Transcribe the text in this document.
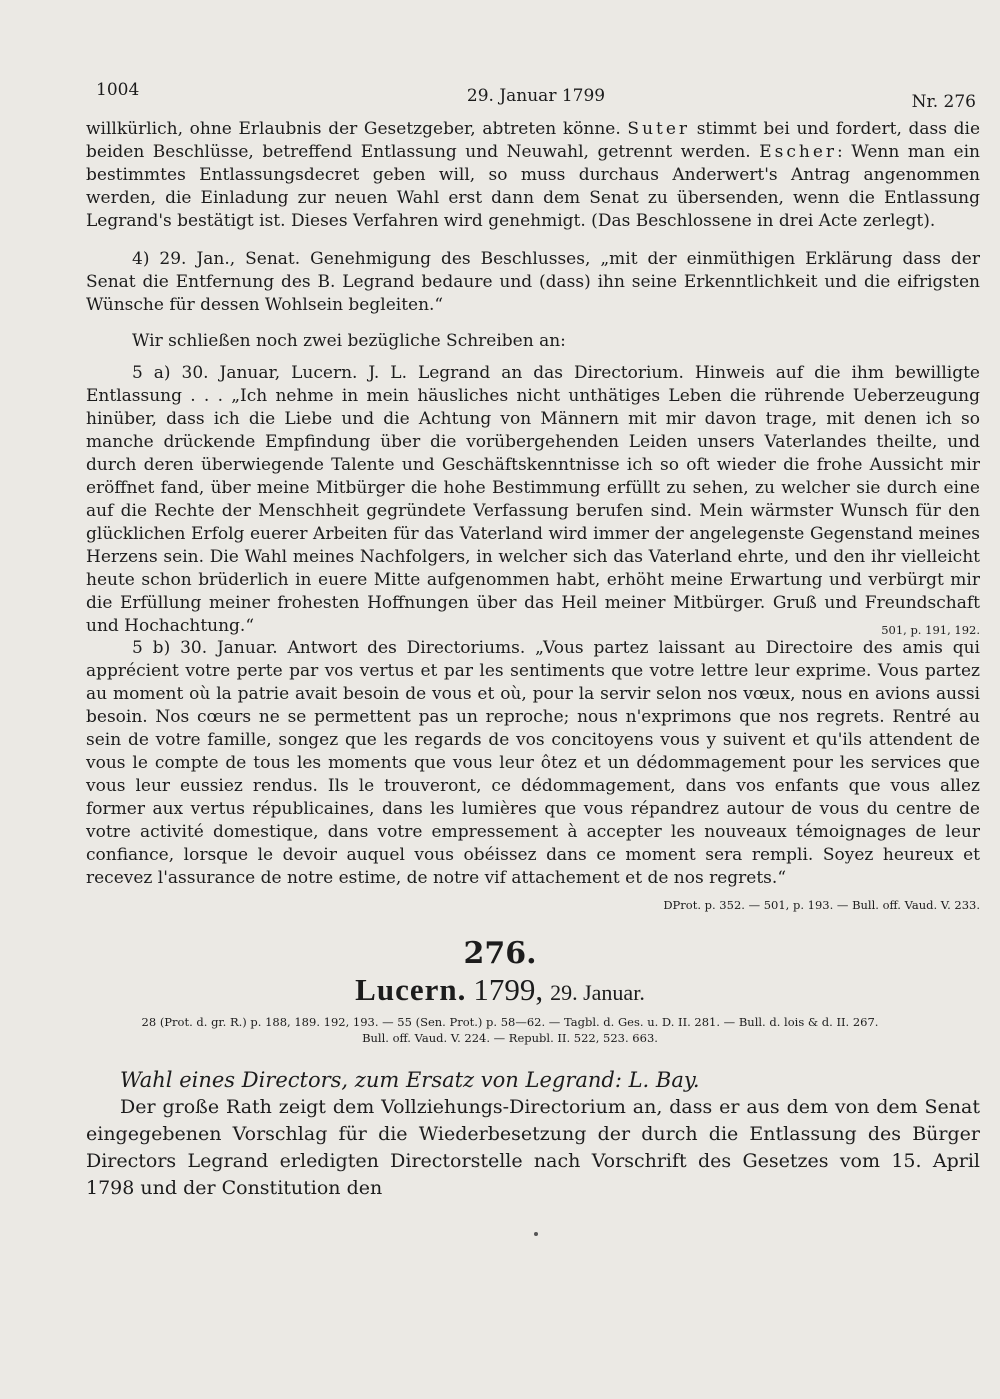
1004	29. Januar 1799	Nr. 276

willkürlich, ohne Erlaubnis der Gesetzgeber, abtreten könne. Suter stimmt bei und fordert, dass die beiden Beschlüsse, betreffend Entlassung und Neuwahl, getrennt werden. Escher: Wenn man ein bestimmtes Entlassungsdecret geben will, so muss durchaus Anderwert's Antrag angenommen werden, die Einladung zur neuen Wahl erst dann dem Senat zu übersenden, wenn die Entlassung Legrand's bestätigt ist. Dieses Verfahren wird genehmigt. (Das Beschlossene in drei Acte zerlegt).

4) 29. Jan., Senat. Genehmigung des Beschlusses, „mit der einmüthigen Erklärung dass der Senat die Entfernung des B. Legrand bedaure und (dass) ihn seine Erkenntlichkeit und die eifrigsten Wünsche für dessen Wohlsein begleiten.“

Wir schließen noch zwei bezügliche Schreiben an:

5 a) 30. Januar, Lucern. J. L. Legrand an das Directorium. Hinweis auf die ihm bewilligte Entlassung . . . „Ich nehme in mein häusliches nicht unthätiges Leben die rührende Ueberzeugung hinüber, dass ich die Liebe und die Achtung von Männern mit mir davon trage, mit denen ich so manche drückende Empfindung über die vorübergehenden Leiden unsers Vaterlandes theilte, und durch deren überwiegende Talente und Geschäftskenntnisse ich so oft wieder die frohe Aussicht mir eröffnet fand, über meine Mitbürger die hohe Bestimmung erfüllt zu sehen, zu welcher sie durch eine auf die Rechte der Menschheit gegründete Verfassung berufen sind. Mein wärmster Wunsch für den glücklichen Erfolg euerer Arbeiten für das Vaterland wird immer der angelegenste Gegenstand meines Herzens sein. Die Wahl meines Nachfolgers, in welcher sich das Vaterland ehrte, und den ihr vielleicht heute schon brüderlich in euere Mitte aufgenommen habt, erhöht meine Erwartung und verbürgt mir die Erfüllung meiner frohesten Hoffnungen über das Heil meiner Mitbürger. Gruß und Freundschaft und Hochachtung.“	501, p. 191, 192.

5 b) 30. Januar. Antwort des Directoriums. „Vous partez laissant au Directoire des amis qui apprécient votre perte par vos vertus et par les sentiments que votre lettre leur exprime. Vous partez au moment où la patrie avait besoin de vous et où, pour la servir selon nos vœux, nous en avions aussi besoin. Nos cœurs ne se permettent pas un reproche; nous n'exprimons que nos regrets. Rentré au sein de votre famille, songez que les regards de vos concitoyens vous y suivent et qu'ils attendent de vous le compte de tous les moments que vous leur ôtez et un dédommagement pour les services que vous leur eussiez rendus. Ils le trouveront, ce dédommagement, dans vos enfants que vous allez former aux vertus républicaines, dans les lumières que vous répandrez autour de vous du centre de votre activité domestique, dans votre empressement à accepter les nouveaux témoignages de leur confiance, lorsque le devoir auquel vous obéissez dans ce moment sera rempli. Soyez heureux et recevez l'assurance de notre estime, de notre vif attachement et de nos regrets.“
DProt. p. 352. — 501, p. 193. — Bull. off. Vaud. V. 233.

276.
Lucern. 1799, 29. Januar.
28 (Prot. d. gr. R.) p. 188, 189. 192, 193. — 55 (Sen. Prot.) p. 58—62. — Tagbl. d. Ges. u. D. II. 281. — Bull. d. lois & d. II. 267.
Bull. off. Vaud. V. 224. — Republ. II. 522, 523. 663.
Wahl eines Directors, zum Ersatz von Legrand: L. Bay.

Der große Rath zeigt dem Vollziehungs-Directorium an, dass er aus dem von dem Senat eingegebenen Vorschlag für die Wiederbesetzung der durch die Entlassung des Bürger Directors Legrand erledigten Directorstelle nach Vorschrift des Gesetzes vom 15. April 1798 und der Constitution den
